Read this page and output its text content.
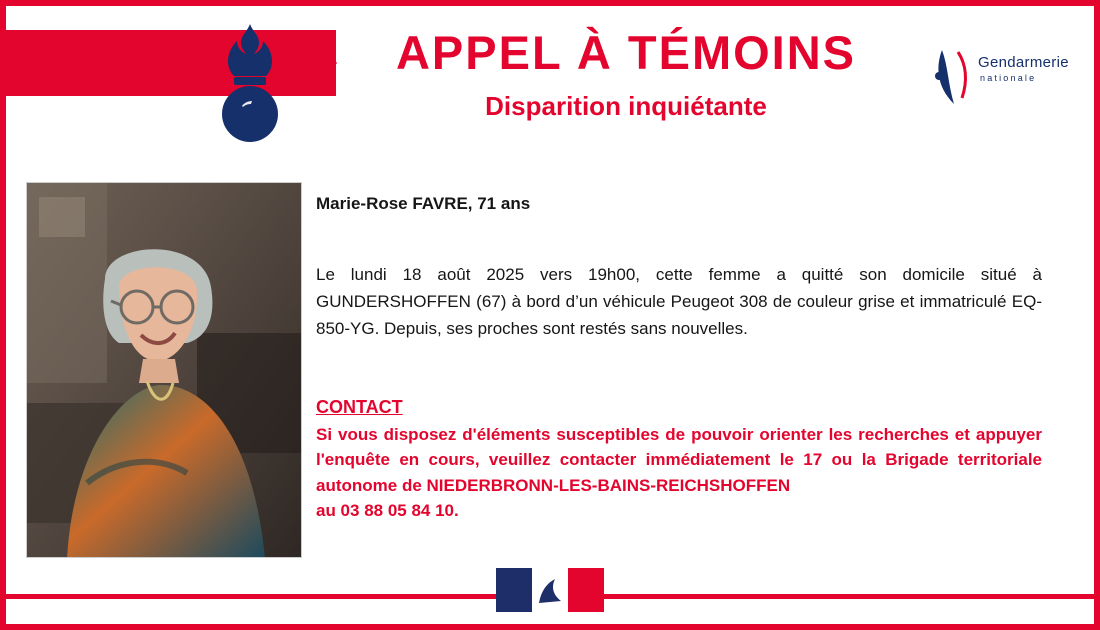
APPEL À TÉMOINS

Disparition inquiétante

Gendarmerie
nationale

Marie-Rose FAVRE, 71 ans

Le lundi 18 août 2025 vers 19h00, cette femme a quitté son domicile situé à GUNDERSHOFFEN (67) à bord d’un véhicule Peugeot 308 de couleur grise et immatriculé EQ-850-YG. Depuis, ses proches sont restés sans nouvelles.

CONTACT

Si vous disposez d'éléments susceptibles de pouvoir orienter les recherches et appuyer l'enquête en cours, veuillez contacter immédiatement le 17 ou la Brigade territoriale autonome de NIEDERBRONN-LES-BAINS-REICHSHOFFEN

au 03 88 05 84 10.
